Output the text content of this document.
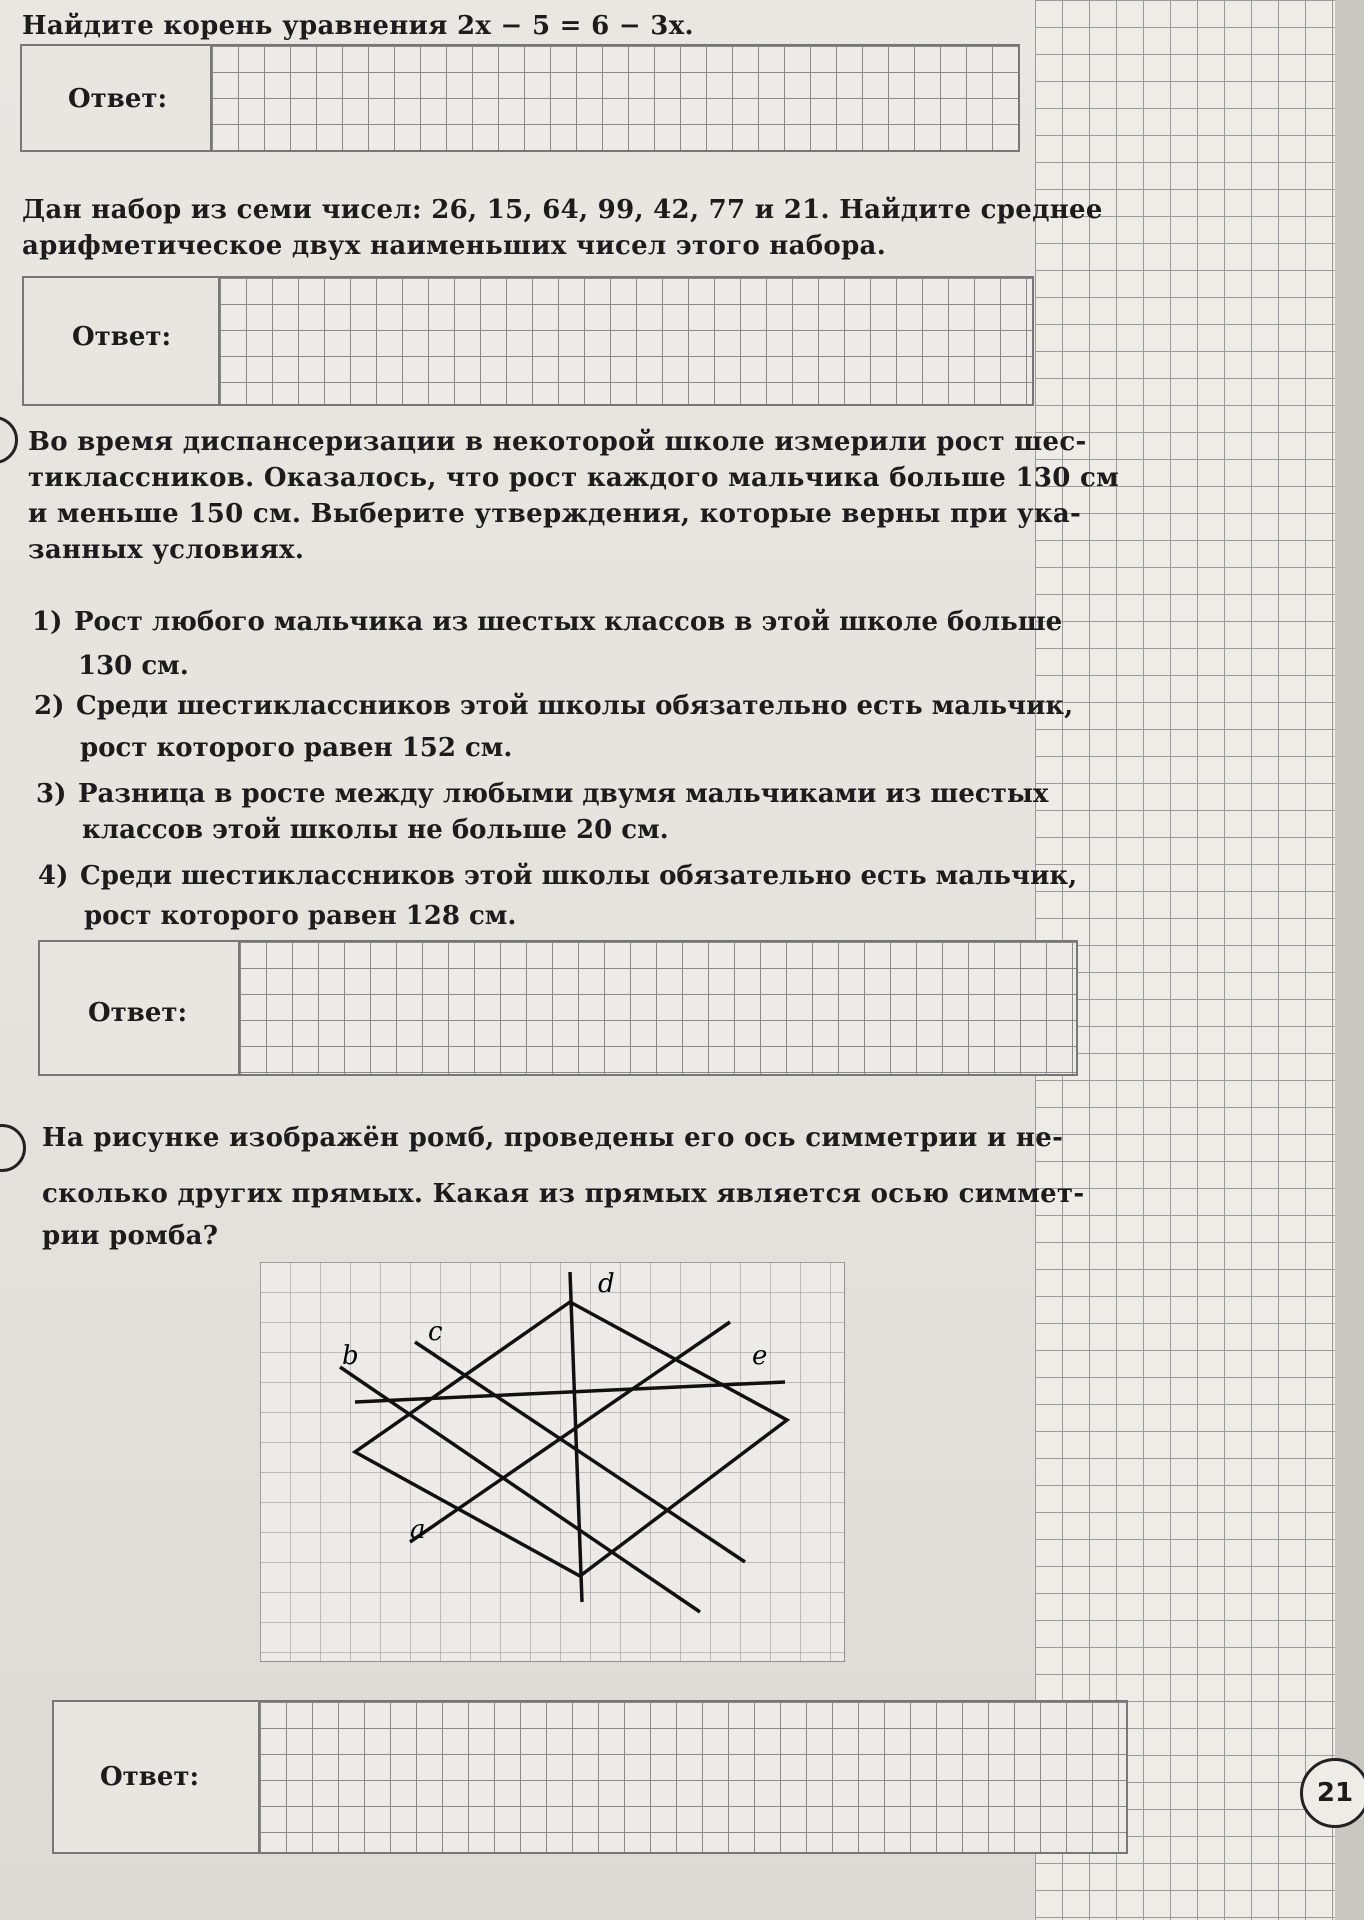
Найдите корень уравнения 2x − 5 = 6 − 3x.
Ответ:
Дан набор из семи чисел: 26, 15, 64, 99, 42, 77 и 21. Найдите среднее
арифметическое двух наименьших чисел этого набора.
Ответ:
Во время диспансеризации в некоторой школе измерили рост шес-
тиклассников. Оказалось, что рост каждого мальчика больше 130 см
и меньше 150 см. Выберите утверждения, которые верны при ука-
занных условиях.
1) Рост любого мальчика из шестых классов в этой школе больше
130 см.
2) Среди шестиклассников этой школы обязательно есть мальчик,
рост которого равен 152 см.
3) Разница в росте между любыми двумя мальчиками из шестых
классов этой школы не больше 20 см.
4) Среди шестиклассников этой школы обязательно есть мальчик,
рост которого равен 128 см.
Ответ:
На рисунке изображён ромб, проведены его ось симметрии и не-
сколько других прямых. Какая из прямых является осью симмет-
рии ромба?
d
c
b	e
a
Ответ:
21
